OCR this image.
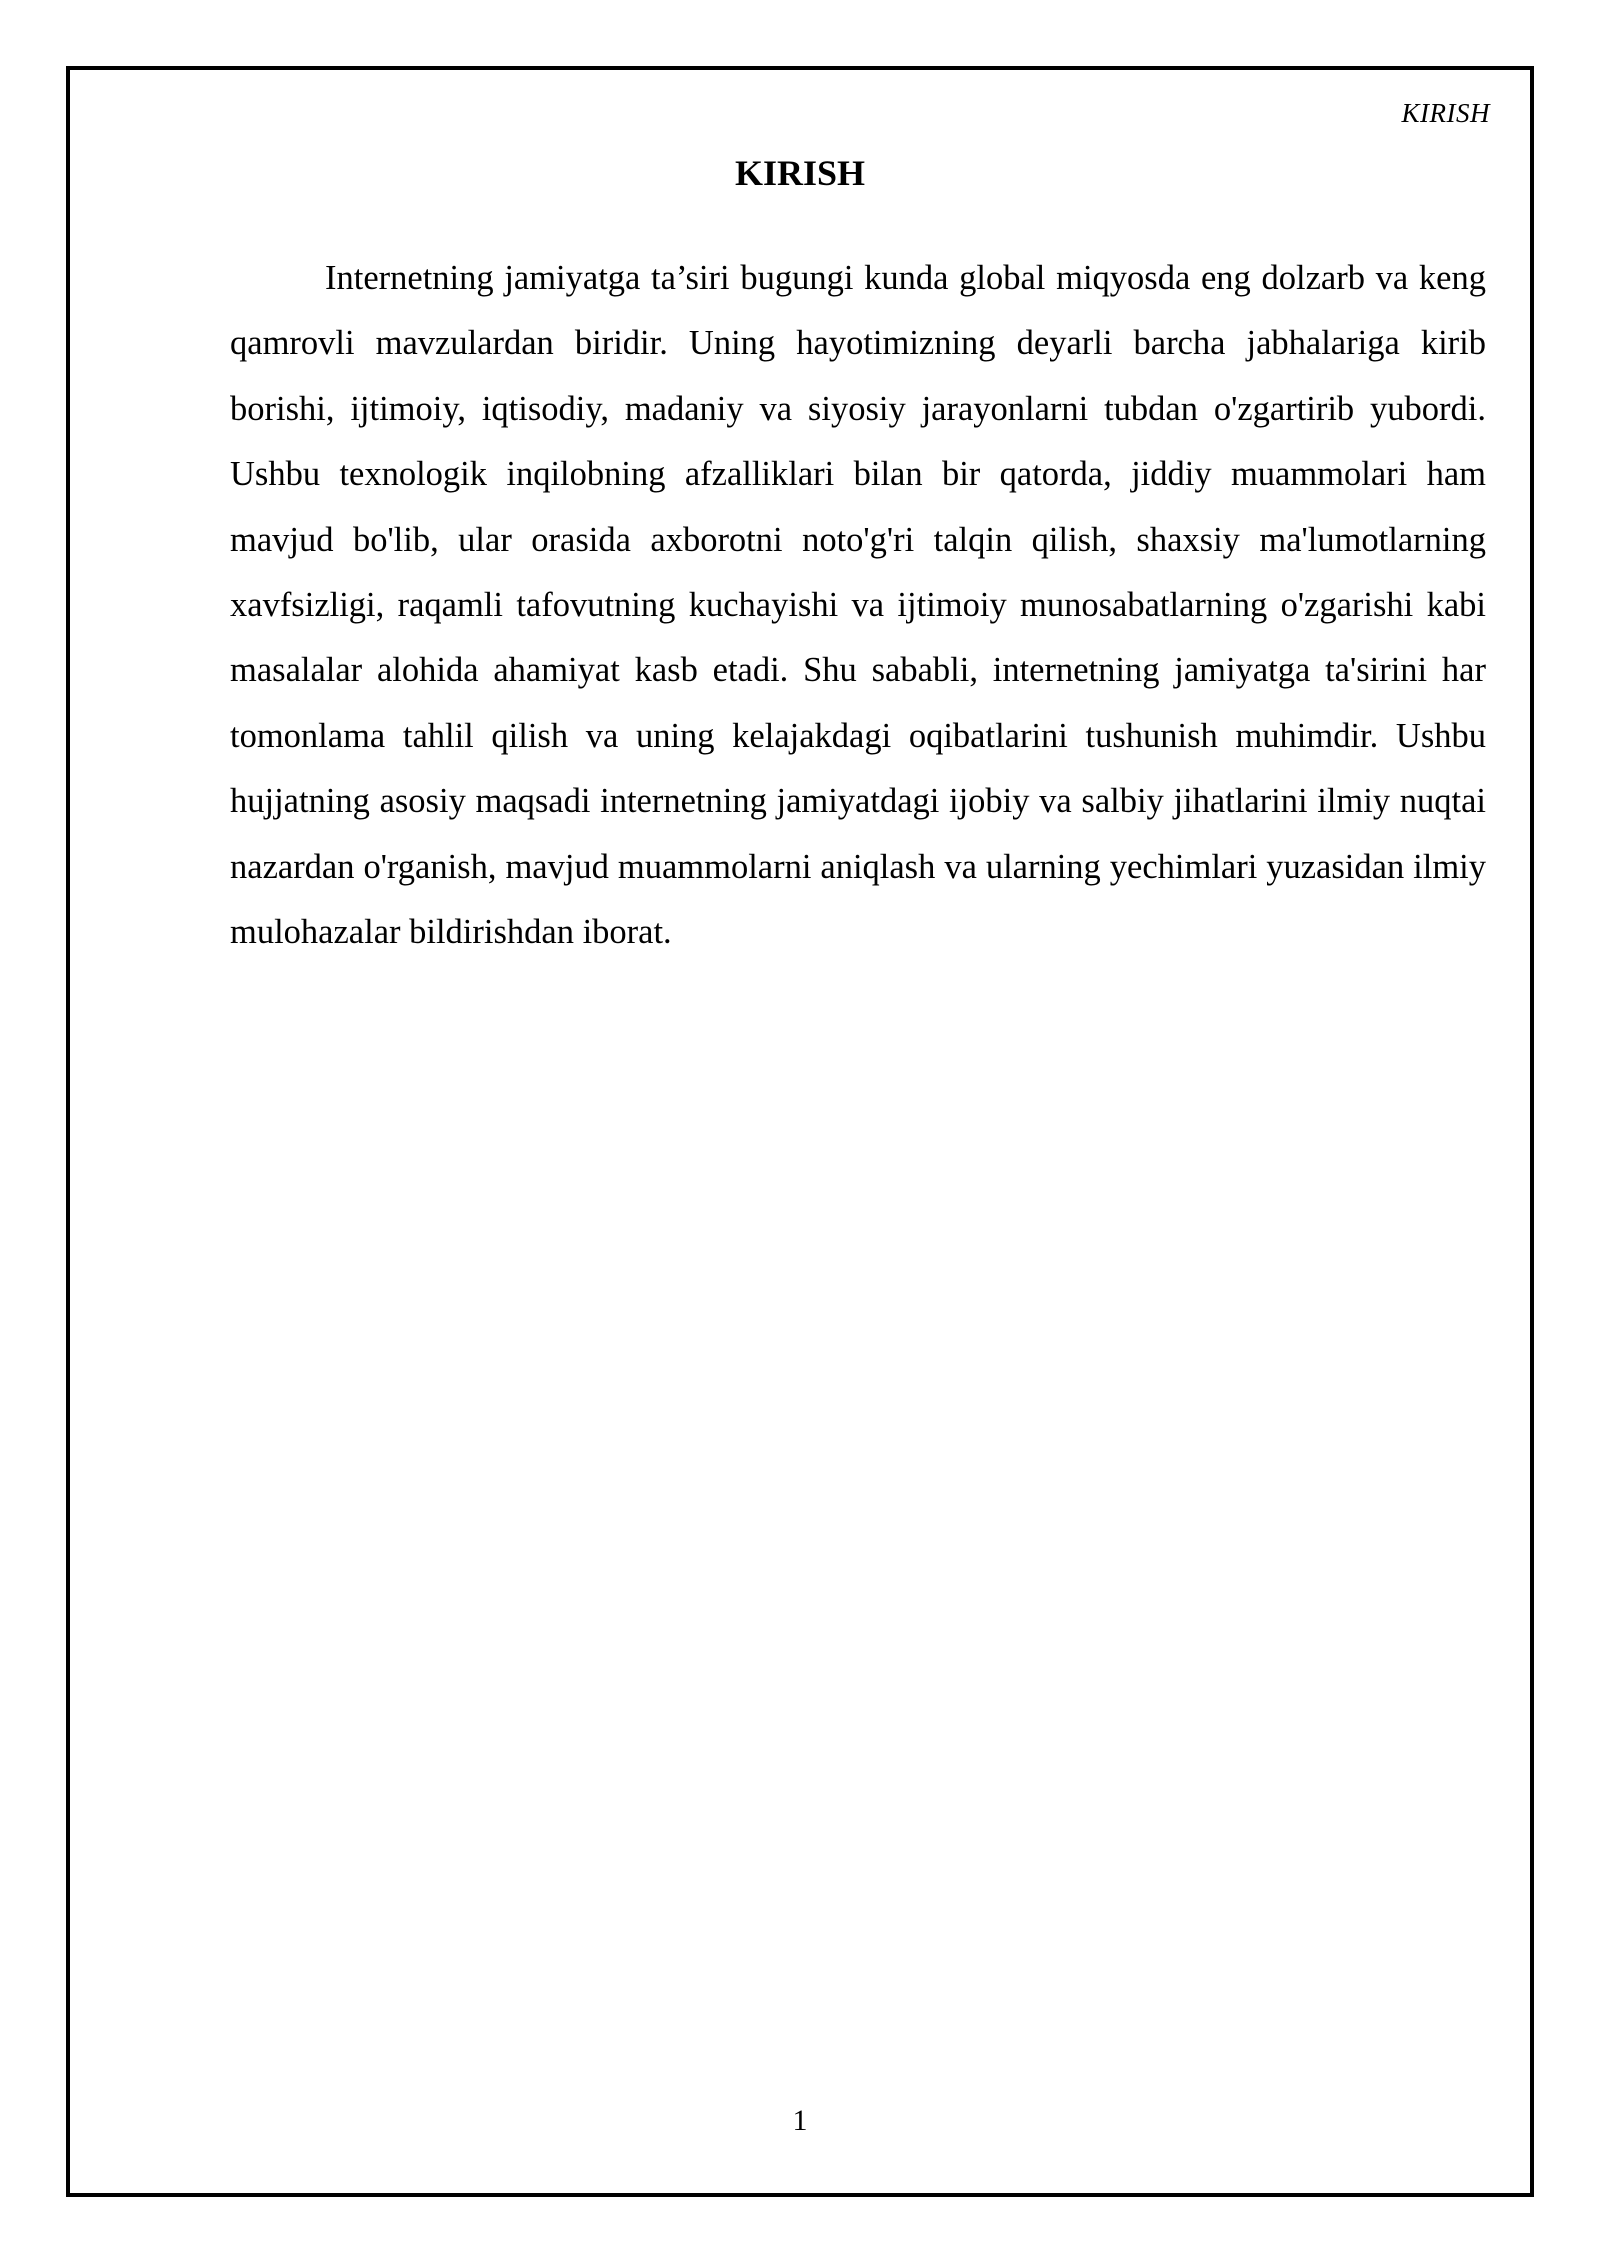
KIRISH
KIRISH

Internetning jamiyatga ta’siri bugungi kunda global miqyosda eng dolzarb va keng qamrovli mavzulardan biridir. Uning hayotimizning deyarli barcha jabhalariga kirib borishi, ijtimoiy, iqtisodiy, madaniy va siyosiy jarayonlarni tubdan o'zgartirib yubordi. Ushbu texnologik inqilobning afzalliklari bilan bir qatorda, jiddiy muammolari ham mavjud bo'lib, ular orasida axborotni noto'g'ri talqin qilish, shaxsiy ma'lumotlarning xavfsizligi, raqamli tafovutning kuchayishi va ijtimoiy munosabatlarning o'zgarishi kabi masalalar alohida ahamiyat kasb etadi. Shu sababli, internetning jamiyatga ta'sirini har tomonlama tahlil qilish va uning kelajakdagi oqibatlarini tushunish muhimdir. Ushbu hujjatning asosiy maqsadi internetning jamiyatdagi ijobiy va salbiy jihatlarini ilmiy nuqtai nazardan o'rganish, mavjud muammolarni aniqlash va ularning yechimlari yuzasidan ilmiy mulohazalar bildirishdan iborat.

1
